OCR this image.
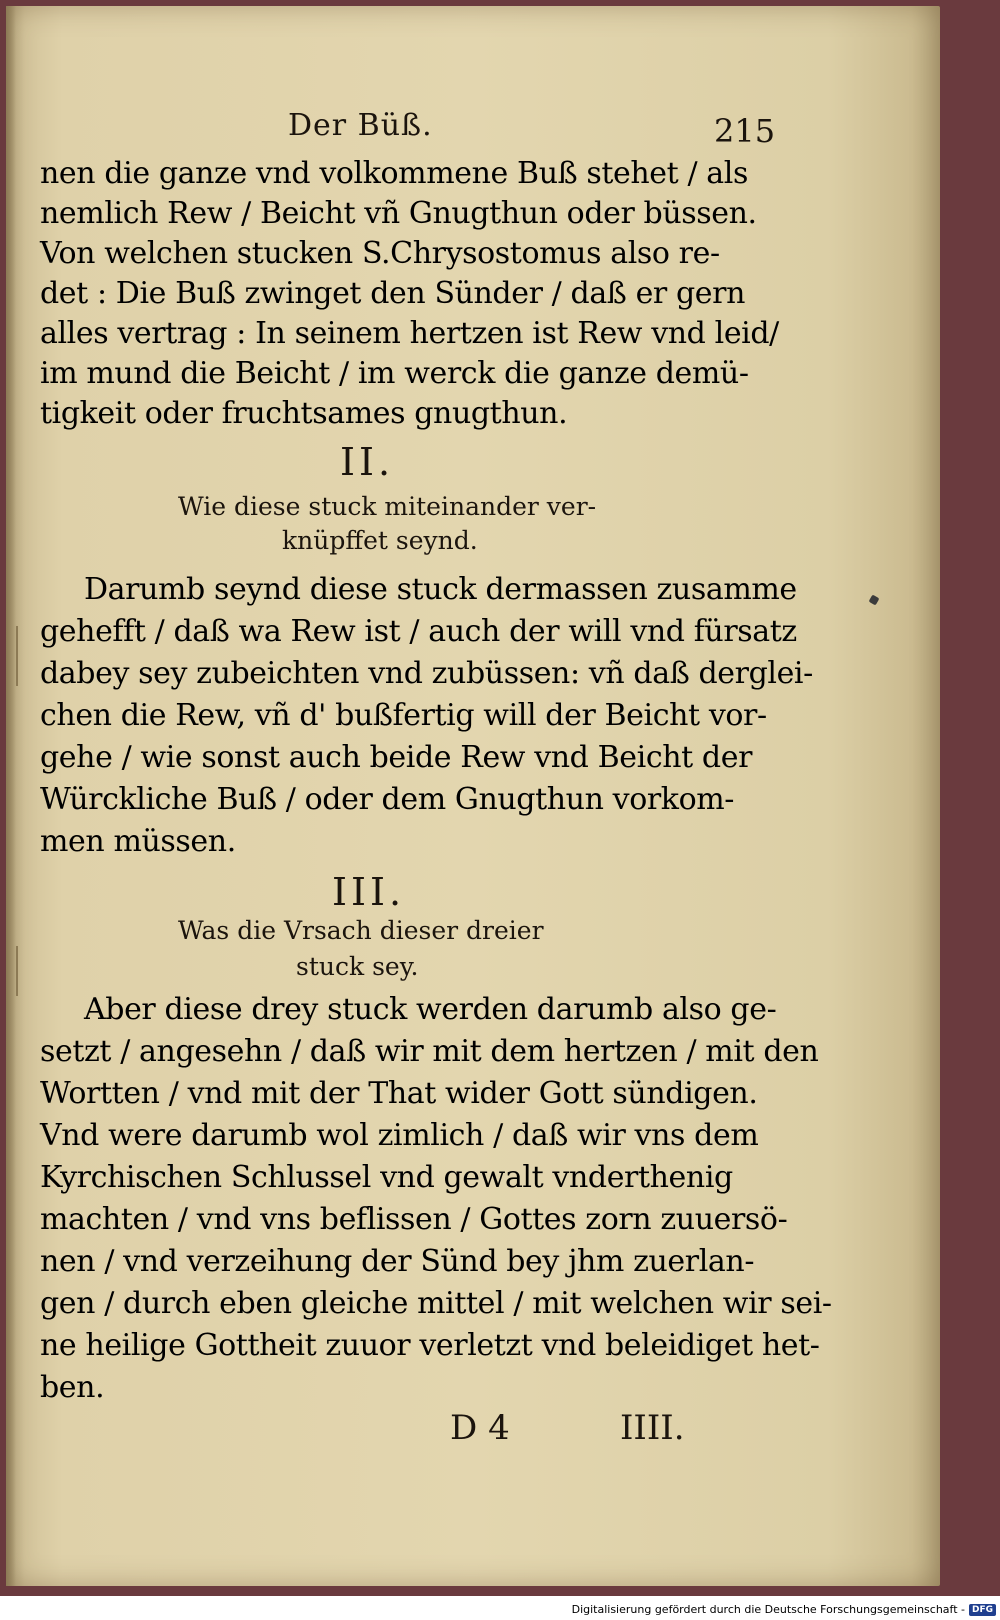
Der Büß.	215
nen die ganze vnd volkommene Buß stehet / als
nemlich Rew / Beicht vñ Gnugthun oder büssen.
Von welchen stucken S.Chrysostomus also re-
det : Die Buß zwinget den Sünder / daß er gern
alles vertrag : In seinem hertzen ist Rew vnd leid/
im mund die Beicht / im werck die ganze demü-
tigkeit oder fruchtsames gnugthun.
II.
Wie diese stuck miteinander ver-
knüpffet seynd.
Darumb seynd diese stuck dermassen zusamme
gehefft / daß wa Rew ist / auch der will vnd fürsatz
dabey sey zubeichten vnd zubüssen: vñ daß derglei-
chen die Rew, vñ d' bußfertig will der Beicht vor-
gehe / wie sonst auch beide Rew vnd Beicht der
Würckliche Buß / oder dem Gnugthun vorkom-
men müssen.
III.
Was die Vrsach dieser dreier
stuck sey.
Aber diese drey stuck werden darumb also ge-
setzt / angesehn / daß wir mit dem hertzen / mit den
Wortten / vnd mit der That wider Gott sündigen.
Vnd were darumb wol zimlich / daß wir vns dem
Kyrchischen Schlussel vnd gewalt vnderthenig
machten / vnd vns beflissen / Gottes zorn zuuersö-
nen / vnd verzeihung der Sünd bey jhm zuerlan-
gen / durch eben gleiche mittel / mit welchen wir sei-
ne heilige Gottheit zuuor verletzt vnd beleidiget het-
ben.
D 4	IIII.
Digitalisierung gefördert durch die Deutsche Forschungsgemeinschaft - DFG
